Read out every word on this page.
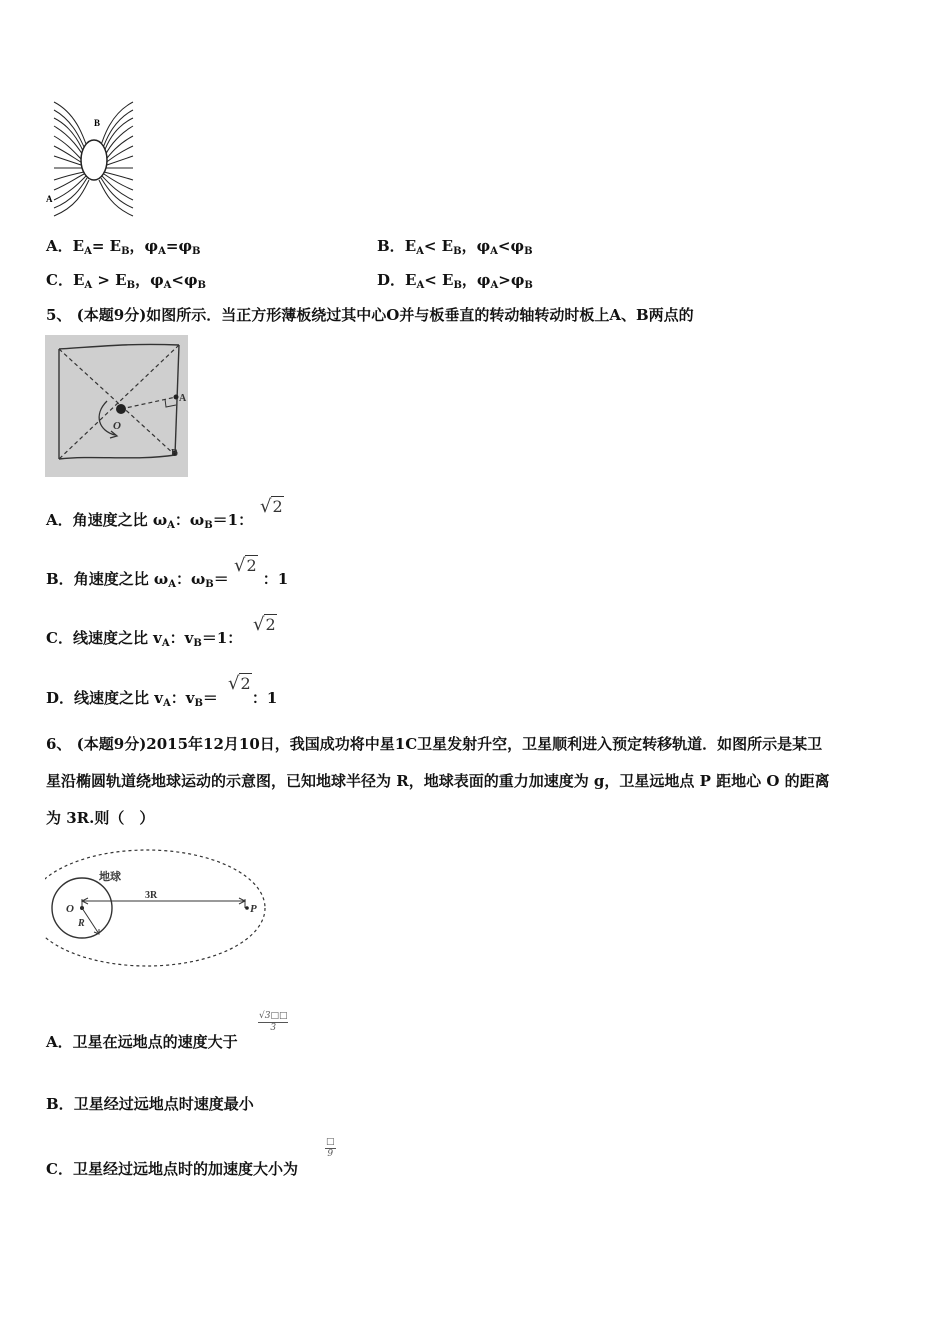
B
A
A．$E_A= E_B$，$\varphi_A=\varphi_B$	B．$E_A< E_B$，$\varphi_A<\varphi_B$
C．$E_A > E_B$，$\varphi_A<\varphi_B$	D．$E_A< E_B$，$\varphi_A>\varphi_B$
5、 (本题9分)如图所示．当正方形薄板绕过其中心O并与板垂直的转动轴转动时板上A、B两点的
O
A
B
A．角速度之比 $\omega_A$：$\omega_B=1$：
√2
B．角速度之比 $\omega_A$：$\omega_B=$ ：1
√2
C．线速度之比 $v_A$：$v_B=1$：
√2
D．线速度之比 $v_A$：$v_B=$ ：1
√2
6、 (本题9分)2015年12月10日，我国成功将中星1C卫星发射升空，卫星顺利进入预定转移轨道．如图所示是某卫
星沿椭圆轨道绕地球运动的示意图，已知地球半径为 R，地球表面的重力加速度为 g，卫星远地点 P 距地心 O 的距离
为 3R.则（　）
地球
O
R
3R
P
A．卫星在远地点的速度大于
$\frac{√3□□}{3}$
B．卫星经过远地点时速度最小
C．卫星经过远地点时的加速度大小为
□
9
